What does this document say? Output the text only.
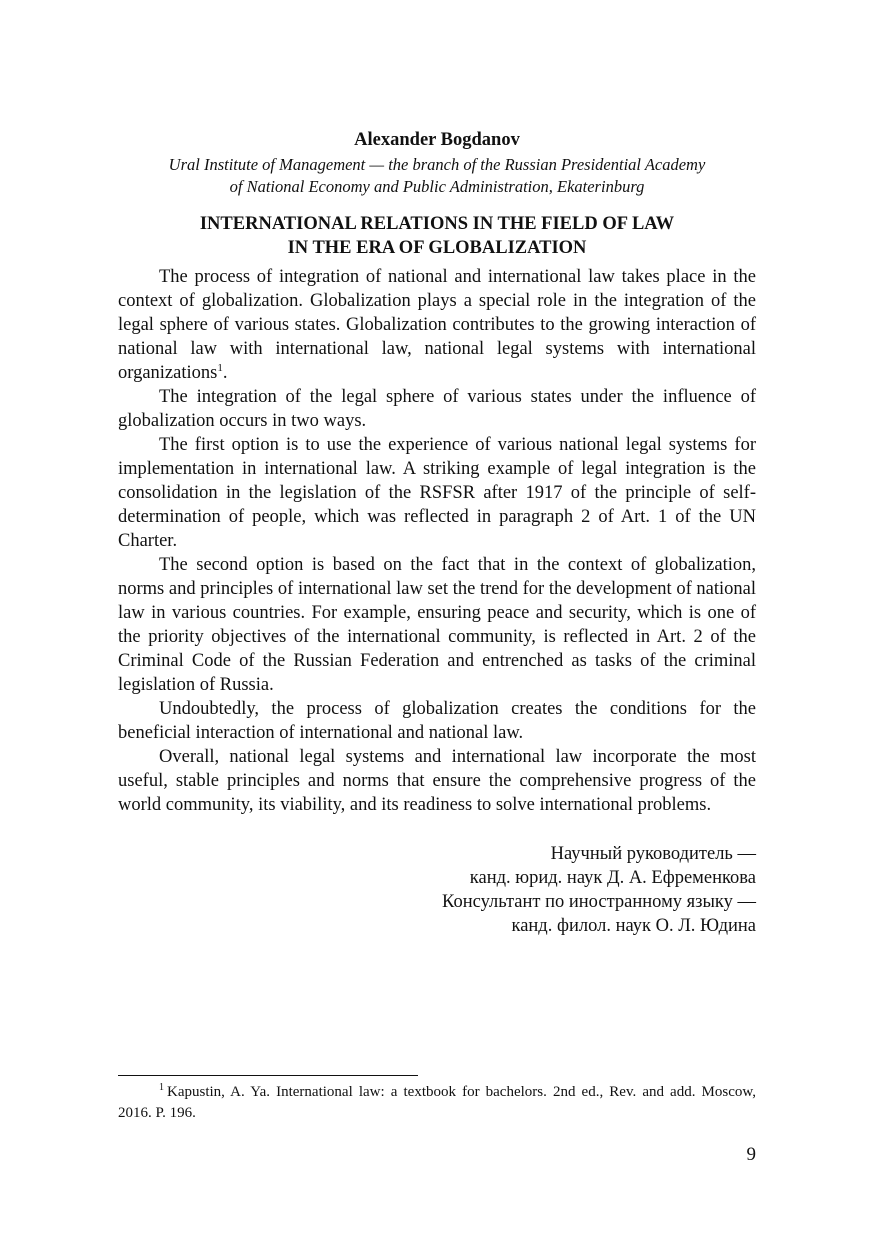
Alexander Bogdanov

Ural Institute of Management — the branch of the Russian Presidential Academy
of National Economy and Public Administration, Ekaterinburg
INTERNATIONAL RELATIONS IN THE FIELD OF LAW
IN THE ERA OF GLOBALIZATION

The process of integration of national and international law takes place in the context of globalization. Globalization plays a special role in the integration of the legal sphere of various states. Globalization contributes to the growing interaction of national law with international law, national legal systems with international organizations$^1$.

The integration of the legal sphere of various states under the influence of globalization occurs in two ways.

The first option is to use the experience of various national legal systems for implementation in international law. A striking example of legal integration is the consolidation in the legislation of the RSFSR after 1917 of the principle of self-determination of people, which was reflected in paragraph 2 of Art. 1 of the UN Charter.

The second option is based on the fact that in the context of globalization, norms and principles of international law set the trend for the development of national law in various countries. For example, ensuring peace and security, which is one of the priority objectives of the international community, is reflected in Art. 2 of the Criminal Code of the Russian Federation and entrenched as tasks of the criminal legislation of Russia.

Undoubtedly, the process of globalization creates the conditions for the beneficial interaction of international and national law.

Overall, national legal systems and international law incorporate the most useful, stable principles and norms that ensure the comprehensive progress of the world community, its viability, and its readiness to solve international problems.

Научный руководитель —
канд. юрид. наук Д. А. Ефременкова
Консультант по иностранному языку —
канд. филол. наук О. Л. Юдина
$^1$ Kapustin, A. Ya. International law: a textbook for bachelors. 2nd ed., Rev. and add. Moscow, 2016. P. 196.
9
